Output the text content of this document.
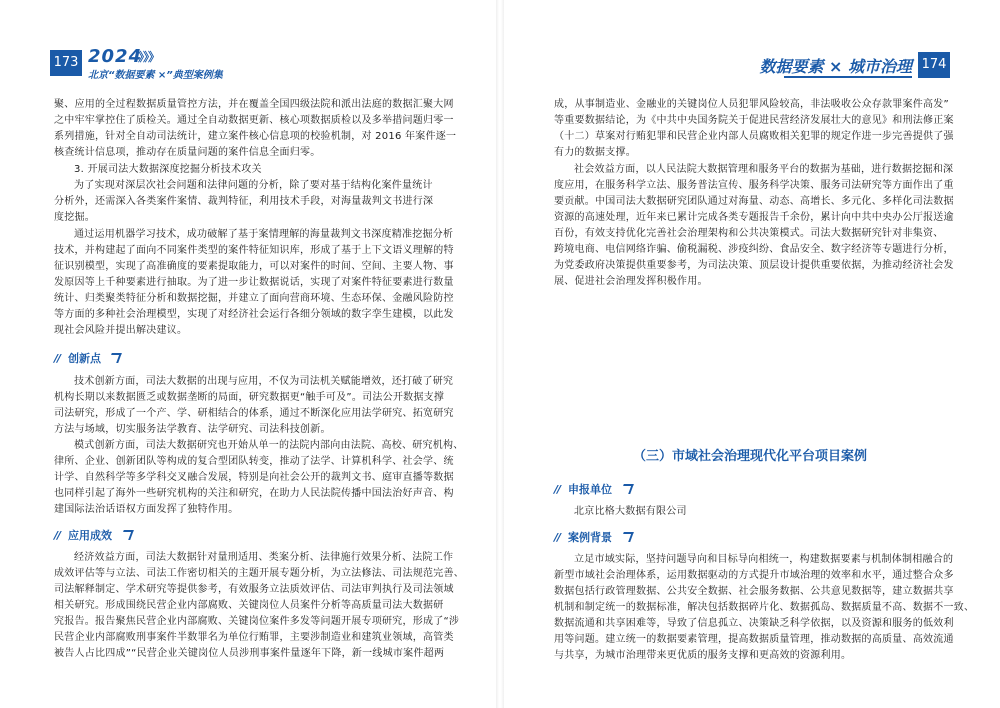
173 2024
》》》
北京“数据要素 ×”典型案例集	数据要素 × 城市治理 174
聚、应用的全过程数据质量管控方法，并在覆盖全国四级法院和派出法庭的数据汇聚大网
之中牢牢掌控住了质检关。通过全自动数据更新、核心项数据质检以及多举措问题归零一
系列措施，针对全自动司法统计，建立案件核心信息项的校验机制，对 2016 年案件逐一
核查统计信息项，推动存在质量问题的案件信息全面归零。
3. 开展司法大数据深度挖掘分析技术攻关
为了实现对深层次社会问题和法律问题的分析，除了要对基于结构化案件量统计
分析外，还需深入各类案件案情、裁判特征，利用技术手段，对海量裁判文书进行深
度挖掘。
通过运用机器学习技术，成功破解了基于案情理解的海量裁判文书深度精准挖掘分析
技术，并构建起了面向不同案件类型的案件特征知识库，形成了基于上下文语义理解的特
征识别模型，实现了高准确度的要素提取能力，可以对案件的时间、空间、主要人物、事
发原因等上千种要素进行抽取。为了进一步让数据说话，实现了对案件特征要素进行数量
统计、归类聚类特征分析和数据挖掘，并建立了面向营商环境、生态环保、金融风险防控
等方面的多种社会治理模型，实现了对经济社会运行各细分领域的数字孪生建模，以此发
现社会风险并提出解决建议。
// 创新点
技术创新方面，司法大数据的出现与应用，不仅为司法机关赋能增效，还打破了研究
机构长期以来数据匮乏或数据垄断的局面，研究数据更“触手可及”。司法公开数据支撑
司法研究，形成了一个产、学、研相结合的体系，通过不断深化应用法学研究、拓宽研究
方法与场域，切实服务法学教育、法学研究、司法科技创新。
模式创新方面，司法大数据研究也开始从单一的法院内部向由法院、高校、研究机构、
律所、企业、创新团队等构成的复合型团队转变，推动了法学、计算机科学、社会学、统
计学、自然科学等多学科交叉融合发展，特别是向社会公开的裁判文书、庭审直播等数据
也同样引起了海外一些研究机构的关注和研究，在助力人民法院传播中国法治好声音、构
建国际法治话语权方面发挥了独特作用。
// 应用成效
经济效益方面，司法大数据针对量刑适用、类案分析、法律施行效果分析、法院工作
成效评估等与立法、司法工作密切相关的主题开展专题分析，为立法修法、司法规范完善、
司法解释制定、学术研究等提供参考，有效服务立法质效评估、司法审判执行及司法领域
相关研究。形成围绕民营企业内部腐败、关键岗位人员案件分析等高质量司法大数据研
究报告。报告聚焦民营企业内部腐败、关键岗位案件多发等问题开展专项研究，形成了“涉
民营企业内部腐败刑事案件半数罪名为单位行贿罪，主要涉制造业和建筑业领域，高管类
被告人占比四成”“民营企业关键岗位人员涉刑事案件量逐年下降，新一线城市案件超两
成，从事制造业、金融业的关键岗位人员犯罪风险较高，非法吸收公众存款罪案件高发”
等重要数据结论，为《中共中央国务院关于促进民营经济发展壮大的意见》和刑法修正案
（十二）草案对行贿犯罪和民营企业内部人员腐败相关犯罪的规定作进一步完善提供了强
有力的数据支撑。
社会效益方面，以人民法院大数据管理和服务平台的数据为基础，进行数据挖掘和深
度应用，在服务科学立法、服务普法宣传、服务科学决策、服务司法研究等方面作出了重
要贡献。中国司法大数据研究团队通过对海量、动态、高增长、多元化、多样化司法数据
资源的高速处理，近年来已累计完成各类专题报告千余份，累计向中共中央办公厅报送逾
百份，有效支持优化完善社会治理架构和公共决策模式。司法大数据研究针对非集资、
跨境电商、电信网络诈骗、偷税漏税、涉疫纠纷、食品安全、数字经济等专题进行分析，
为党委政府决策提供重要参考，为司法决策、顶层设计提供重要依据，为推动经济社会发
展、促进社会治理发挥积极作用。
（三）市域社会治理现代化平台项目案例
// 申报单位
北京比格大数据有限公司
// 案例背景
立足市域实际，坚持问题导向和目标导向相统一，构建数据要素与机制体制相融合的
新型市域社会治理体系，运用数据驱动的方式提升市域治理的效率和水平，通过整合众多
数据包括行政管理数据、公共安全数据、社会服务数据、公共意见数据等，建立数据共享
机制和制定统一的数据标准，解决包括数据碎片化、数据孤岛、数据质量不高、数据不一致、
数据流通和共享困难等，导致了信息孤立、决策缺乏科学依据，以及资源和服务的低效利
用等问题。建立统一的数据要素管理，提高数据质量管理，推动数据的高质量、高效流通
与共享，为城市治理带来更优质的服务支撑和更高效的资源利用。
